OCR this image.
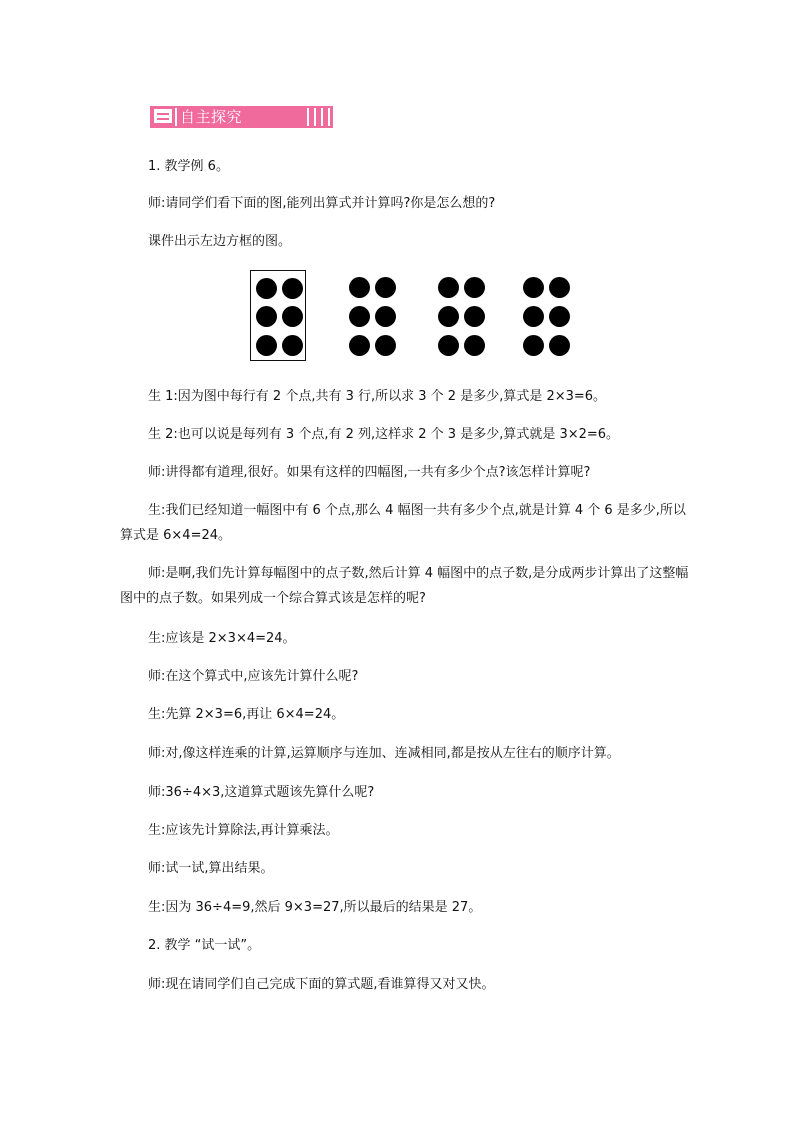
自主探究
1. 教学例 6。
师:请同学们看下面的图,能列出算式并计算吗?你是怎么想的?
课件出示左边方框的图。
生 1:因为图中每行有 2 个点,共有 3 行,所以求 3 个 2 是多少,算式是 2×3=6。
生 2:也可以说是每列有 3 个点,有 2 列,这样求 2 个 3 是多少,算式就是 3×2=6。
师:讲得都有道理,很好。如果有这样的四幅图,一共有多少个点?该怎样计算呢?
生:我们已经知道一幅图中有 6 个点,那么 4 幅图一共有多少个点,就是计算 4 个 6 是多少,所以算式是 6×4=24。
师:是啊,我们先计算每幅图中的点子数,然后计算 4 幅图中的点子数,是分成两步计算出了这整幅图中的点子数。如果列成一个综合算式该是怎样的呢?
生:应该是 2×3×4=24。
师:在这个算式中,应该先计算什么呢?
生:先算 2×3=6,再让 6×4=24。
师:对,像这样连乘的计算,运算顺序与连加、连减相同,都是按从左往右的顺序计算。
师:36÷4×3,这道算式题该先算什么呢?
生:应该先计算除法,再计算乘法。
师:试一试,算出结果。
生:因为 36÷4=9,然后 9×3=27,所以最后的结果是 27。
2. 教学 “试一试”。
师:现在请同学们自己完成下面的算式题,看谁算得又对又快。
